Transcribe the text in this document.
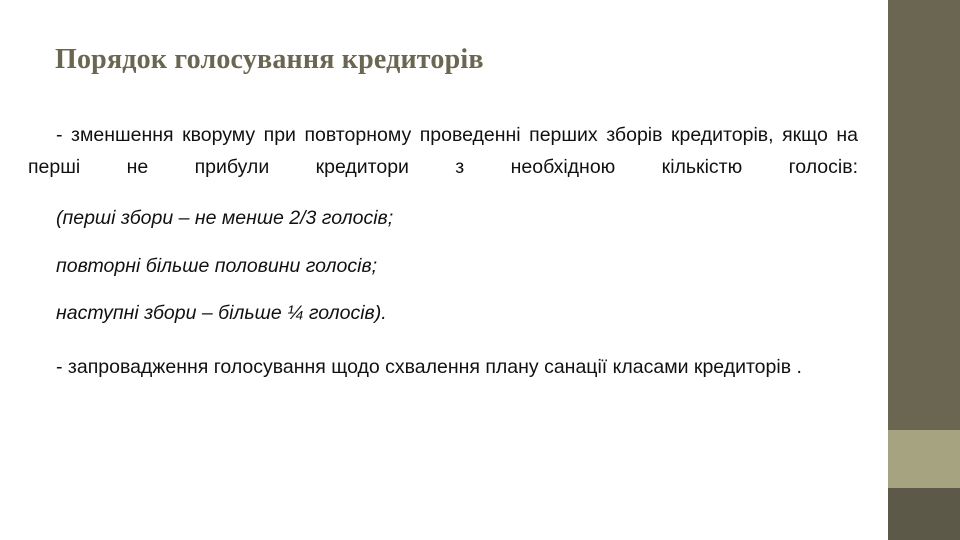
Порядок голосування кредиторів

- зменшення кворуму при повторному проведенні перших зборів кредиторів, якщо на перші не прибули кредитори з необхідною кількістю голосів:

(перші збори – не менше 2/3 голосів;

повторні більше половини голосів;

наступні збори – більше ¼ голосів).

- запровадження голосування щодо схвалення плану санації класами кредиторів .
